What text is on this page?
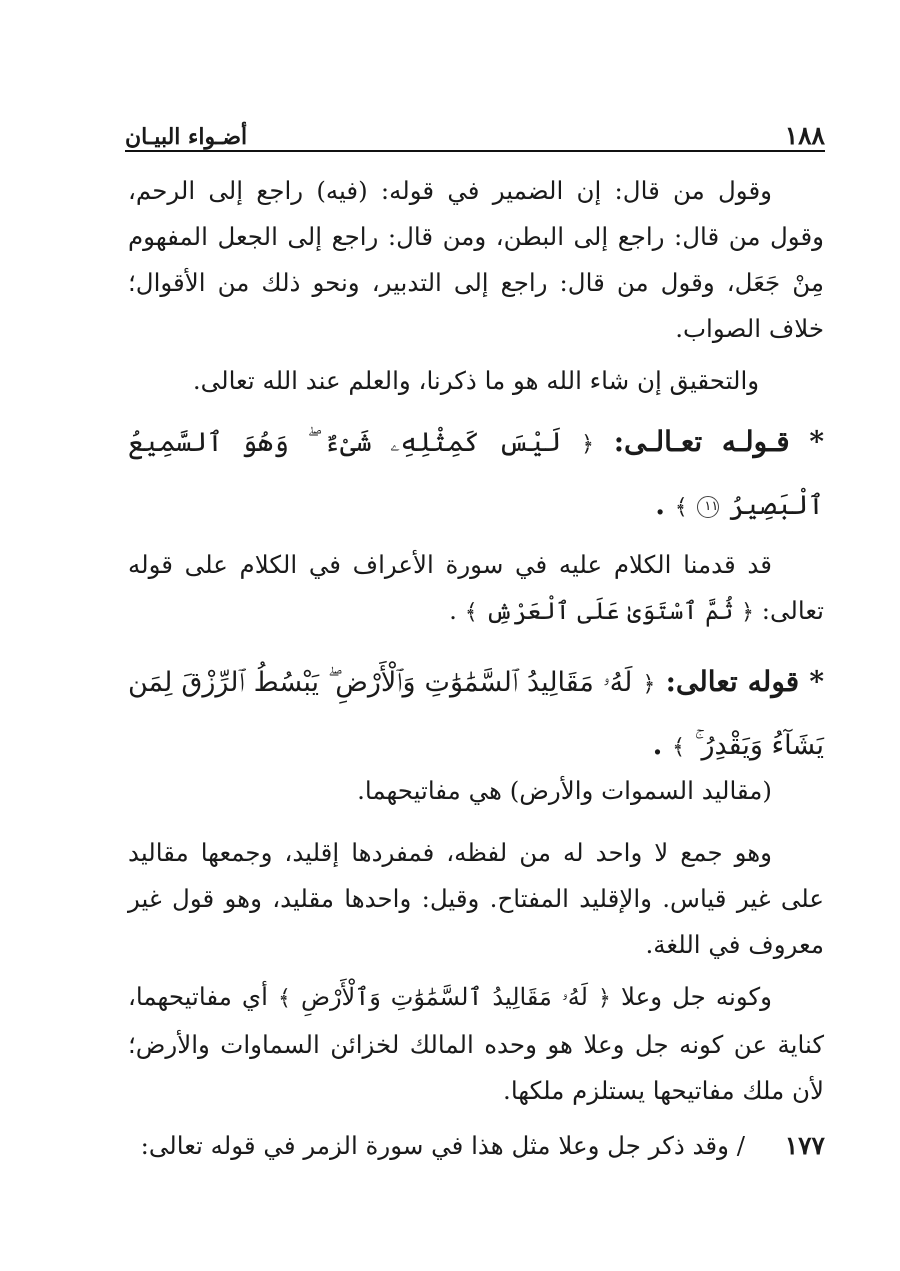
١٨٨
أضـواء البيـان

وقول من قال: إن الضمير في قوله: (فيه) راجع إلى الرحم، وقول من قال: راجع إلى البطن، ومن قال: راجع إلى الجعل المفهوم مِنْ جَعَل، وقول من قال: راجع إلى التدبير، ونحو ذلك من الأقوال؛ خلاف الصواب.

والتحقيق إن شاء الله هو ما ذكرنا، والعلم عند الله تعالى.

* قـولـه تعـالـى: ﴿ لَيْسَ كَمِثْلِهِۦ شَىْءٌ ۖ وَهُوَ ٱلسَّمِيعُ ٱلْبَصِيرُ ١١ ﴾ .

قد قدمنا الكلام عليه في سورة الأعراف في الكلام على قوله تعالى: ﴿ ثُمَّ ٱسْتَوَىٰ عَلَى ٱلْعَرْشِ ﴾ .

* قوله تعالى: ﴿ لَهُۥ مَقَالِيدُ ٱلسَّمَٰوَٰتِ وَٱلْأَرْضِ ۖ يَبْسُطُ ٱلرِّزْقَ لِمَن يَشَآءُ وَيَقْدِرُ ۚ ﴾ .

(مقاليد السموات والأرض) هي مفاتيحهما.

وهو جمع لا واحد له من لفظه، فمفردها إقليد، وجمعها مقاليد على غير قياس. والإقليد المفتاح. وقيل: واحدها مقليد، وهو قول غير معروف في اللغة.

وكونه جل وعلا ﴿ لَهُۥ مَقَالِيدُ ٱلسَّمَٰوَٰتِ وَٱلْأَرْضِ ﴾ أي مفاتيحهما، كناية عن كونه جل وعلا هو وحده المالك لخزائن السماوات والأرض؛ لأن ملك مفاتيحها يستلزم ملكها.

١٧٧
/ وقد ذكر جل وعلا مثل هذا في سورة الزمر في قوله تعالى:
